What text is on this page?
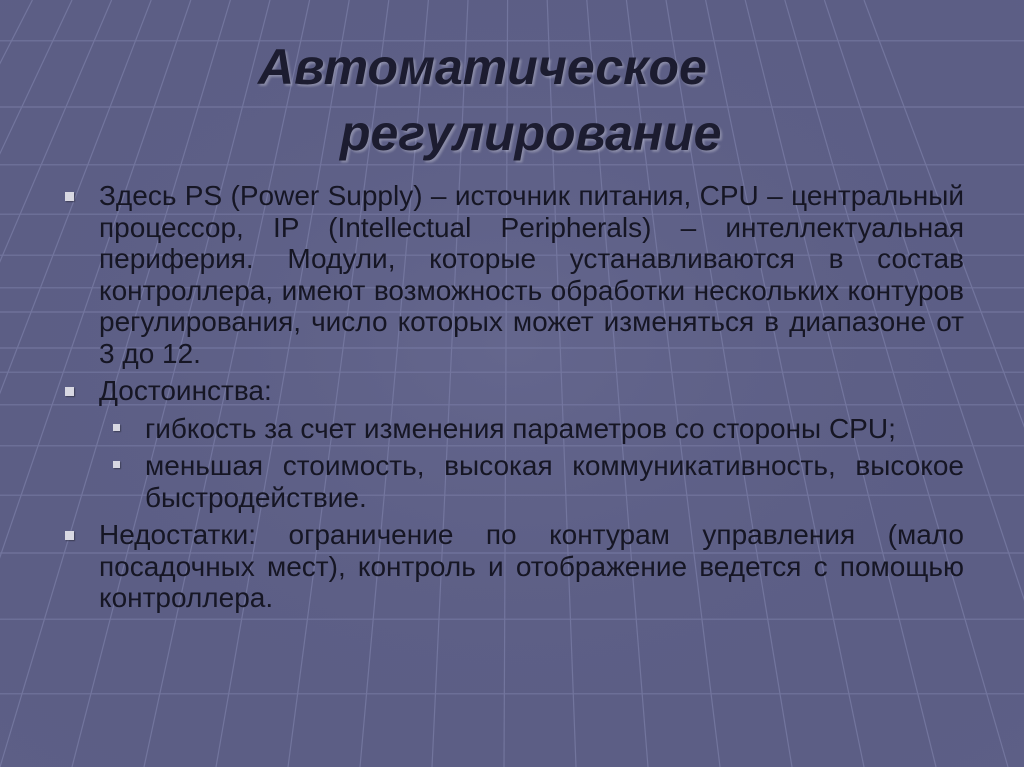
Автоматическое
регулирование
Здесь PS (Power Supply) – источник питания, CPU – центральный процессор, IP (Intellectual Peripherals) – интеллектуальная периферия. Модули, которые устанавливаются в состав контроллера, имеют возможность обработки нескольких контуров регулирования, число которых может изменяться в диапазоне от 3 до 12.
Достоинства:
гибкость за счет изменения параметров со стороны CPU;
меньшая стоимость, высокая коммуникативность, высокое быстродействие.
Недостатки: ограничение по контурам управления (мало посадочных мест), контроль и отображение ведется с помощью контроллера.
